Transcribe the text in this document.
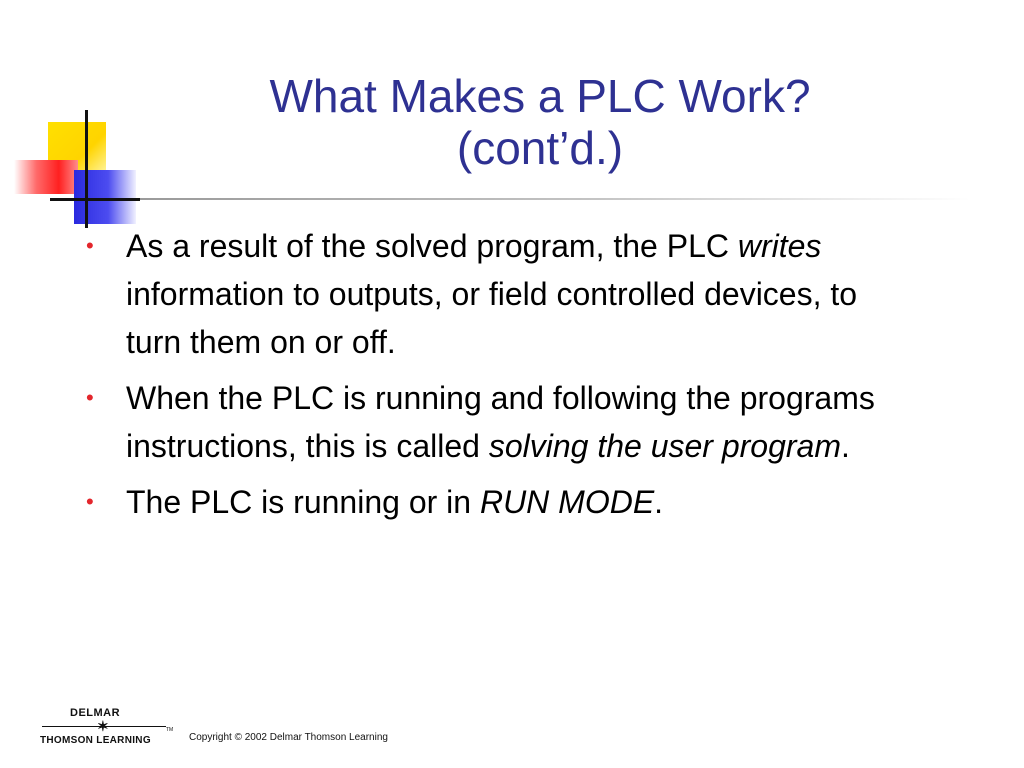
What Makes a PLC Work?
(cont’d.)
• As a result of the solved program, the PLC writes information to outputs, or field controlled devices, to turn them on or off.
• When the PLC is running and following the programs instructions, this is called solving the user program.
• The PLC is running or in RUN MODE.
DELMAR
✶
THOMSON LEARNING
TM
Copyright © 2002 Delmar Thomson Learning
